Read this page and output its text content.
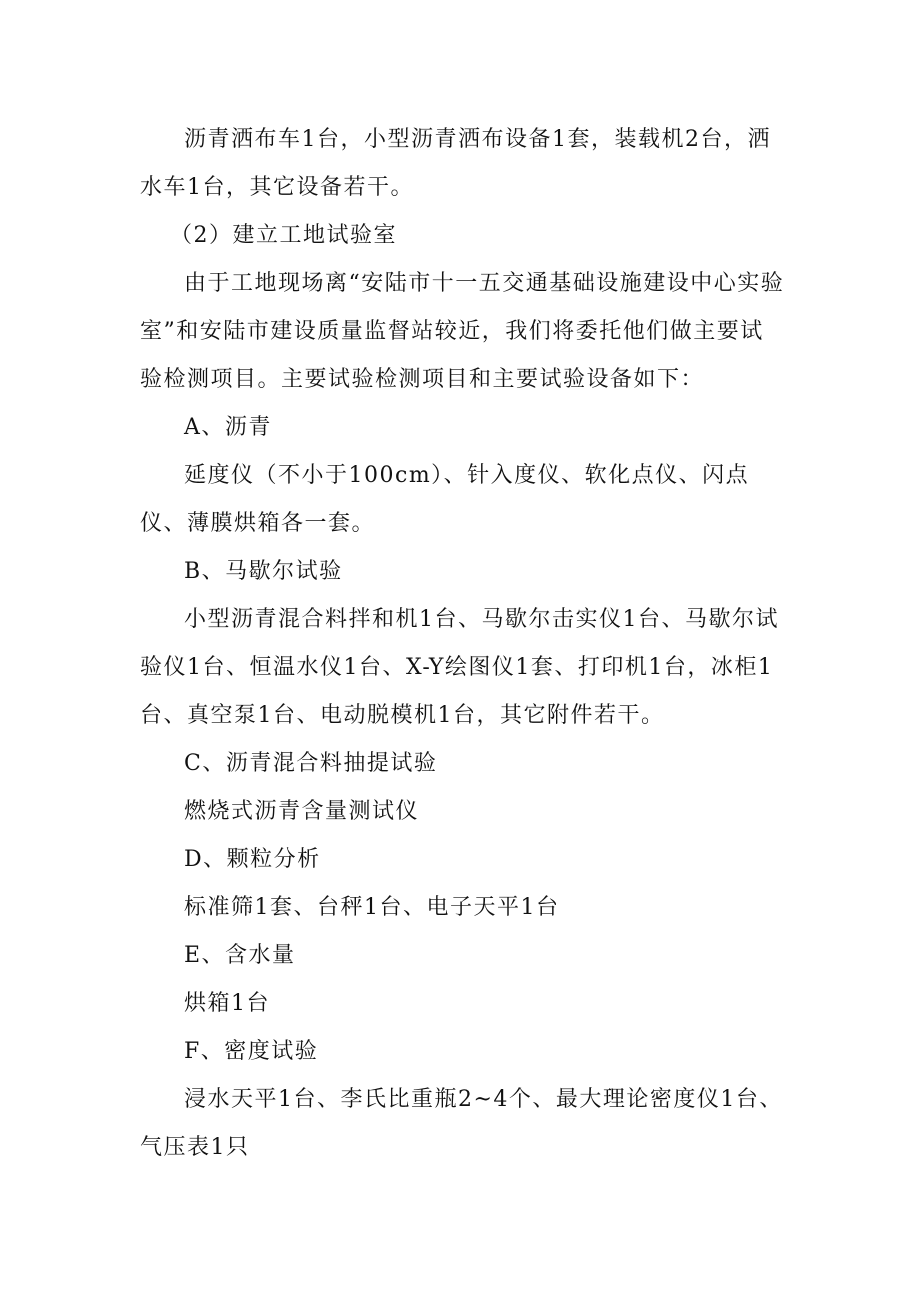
沥青洒布车1台，小型沥青洒布设备1套，装载机2台，洒水车1台，其它设备若干。

（2）建立工地试验室

由于工地现场离“安陆市十一五交通基础设施建设中心实验室”和安陆市建设质量监督站较近，我们将委托他们做主要试验检测项目。主要试验检测项目和主要试验设备如下：

A、沥青

延度仪（不小于100cm）、针入度仪、软化点仪、闪点仪、薄膜烘箱各一套。

B、马歇尔试验

小型沥青混合料拌和机1台、马歇尔击实仪1台、马歇尔试验仪1台、恒温水仪1台、X-Y绘图仪1套、打印机1台，冰柜1台、真空泵1台、电动脱模机1台，其它附件若干。

C、沥青混合料抽提试验

燃烧式沥青含量测试仪

D、颗粒分析

标准筛1套、台秤1台、电子天平1台

E、含水量

烘箱1台

F、密度试验

浸水天平1台、李氏比重瓶2~4个、最大理论密度仪1台、气压表1只
